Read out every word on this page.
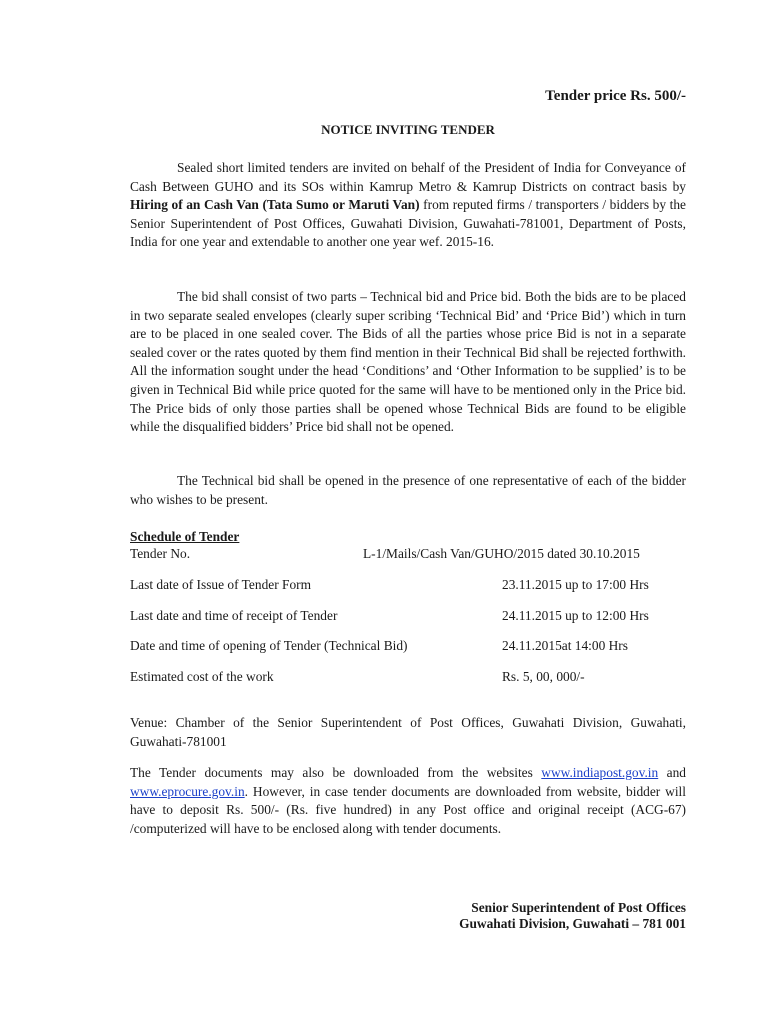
Tender price Rs. 500/-
NOTICE INVITING TENDER
Sealed short limited tenders are invited on behalf of the President of India for Conveyance of Cash Between GUHO and its SOs within Kamrup Metro & Kamrup Districts on contract basis by Hiring of an Cash Van (Tata Sumo or Maruti Van) from reputed firms / transporters / bidders by the Senior Superintendent of Post Offices, Guwahati Division, Guwahati-781001, Department of Posts, India for one year and extendable to another one year wef. 2015-16.
The bid shall consist of two parts – Technical bid and Price bid. Both the bids are to be placed in two separate sealed envelopes (clearly super scribing ‘Technical Bid’ and ‘Price Bid’) which in turn are to be placed in one sealed cover. The Bids of all the parties whose price Bid is not in a separate sealed cover or the rates quoted by them find mention in their Technical Bid shall be rejected forthwith. All the information sought under the head ‘Conditions’ and ‘Other Information to be supplied’ is to be given in Technical Bid while price quoted for the same will have to be mentioned only in the Price bid. The Price bids of only those parties shall be opened whose Technical Bids are found to be eligible while the disqualified bidders’ Price bid shall not be opened.
The Technical bid shall be opened in the presence of one representative of each of the bidder who wishes to be present.
Schedule of Tender
Tender No.	L-1/Mails/Cash Van/GUHO/2015 dated 30.10.2015
Last date of Issue of Tender Form	23.11.2015 up to 17:00 Hrs
Last date and time of receipt of Tender	24.11.2015 up to 12:00 Hrs
Date and time of opening of Tender (Technical Bid)	24.11.2015at 14:00 Hrs
Estimated cost of the work	Rs. 5, 00, 000/-
Venue: Chamber of the Senior Superintendent of Post Offices, Guwahati Division, Guwahati, Guwahati-781001
The Tender documents may also be downloaded from the websites www.indiapost.gov.in and www.eprocure.gov.in. However, in case tender documents are downloaded from website, bidder will have to deposit Rs. 500/- (Rs. five hundred) in any Post office and original receipt (ACG-67) /computerized will have to be enclosed along with tender documents.
Senior Superintendent of Post Offices
Guwahati Division, Guwahati – 781 001
